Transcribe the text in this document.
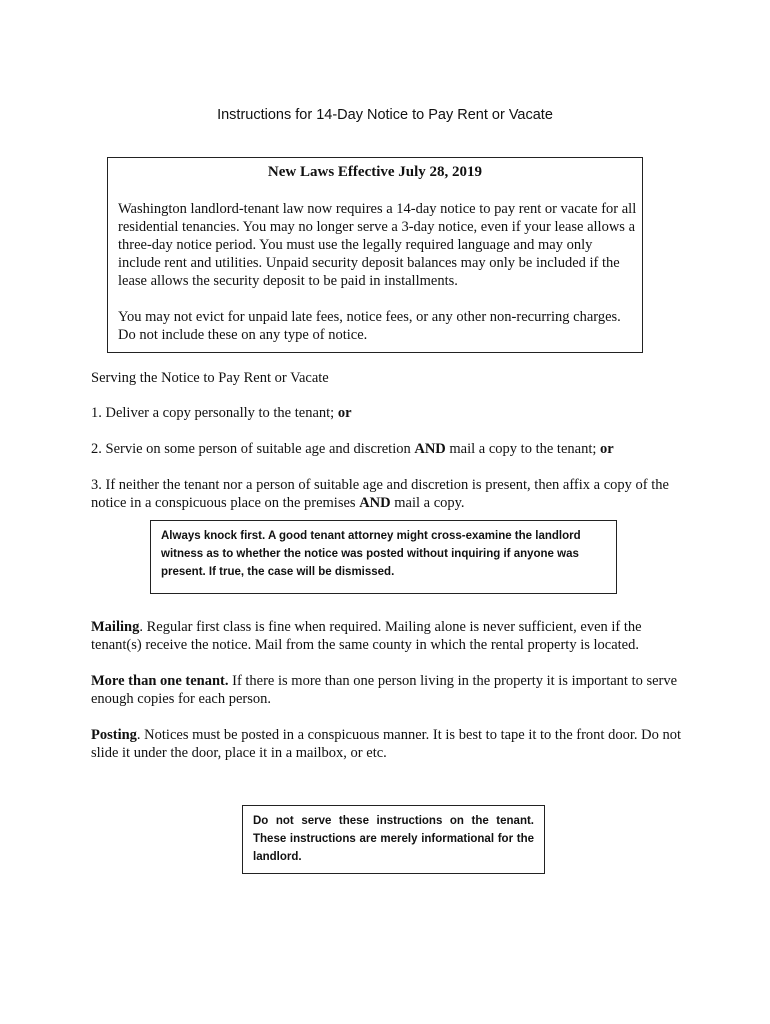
Instructions for 14-Day Notice to Pay Rent or Vacate
New Laws Effective July 28, 2019
Washington landlord-tenant law now requires a 14-day notice to pay rent or vacate for all residential tenancies. You may no longer serve a 3-day notice, even if your lease allows a three-day notice period. You must use the legally required language and may only include rent and utilities. Unpaid security deposit balances may only be included if the lease allows the security deposit to be paid in installments.
You may not evict for unpaid late fees, notice fees, or any other non-recurring charges. Do not include these on any type of notice.
Serving the Notice to Pay Rent or Vacate
1. Deliver a copy personally to the tenant; or
2. Servie on some person of suitable age and discretion AND mail a copy to the tenant; or
3. If neither the tenant nor a person of suitable age and discretion is present, then affix a copy of the notice in a conspicuous place on the premises AND mail a copy.
Always knock first. A good tenant attorney might cross-examine the landlord witness as to whether the notice was posted without inquiring if anyone was present. If true, the case will be dismissed.
Mailing. Regular first class is fine when required. Mailing alone is never sufficient, even if the tenant(s) receive the notice. Mail from the same county in which the rental property is located.
More than one tenant. If there is more than one person living in the property it is important to serve enough copies for each person.
Posting. Notices must be posted in a conspicuous manner. It is best to tape it to the front door. Do not slide it under the door, place it in a mailbox, or etc.
Do not serve these instructions on the tenant. These instructions are merely informational for the landlord.
